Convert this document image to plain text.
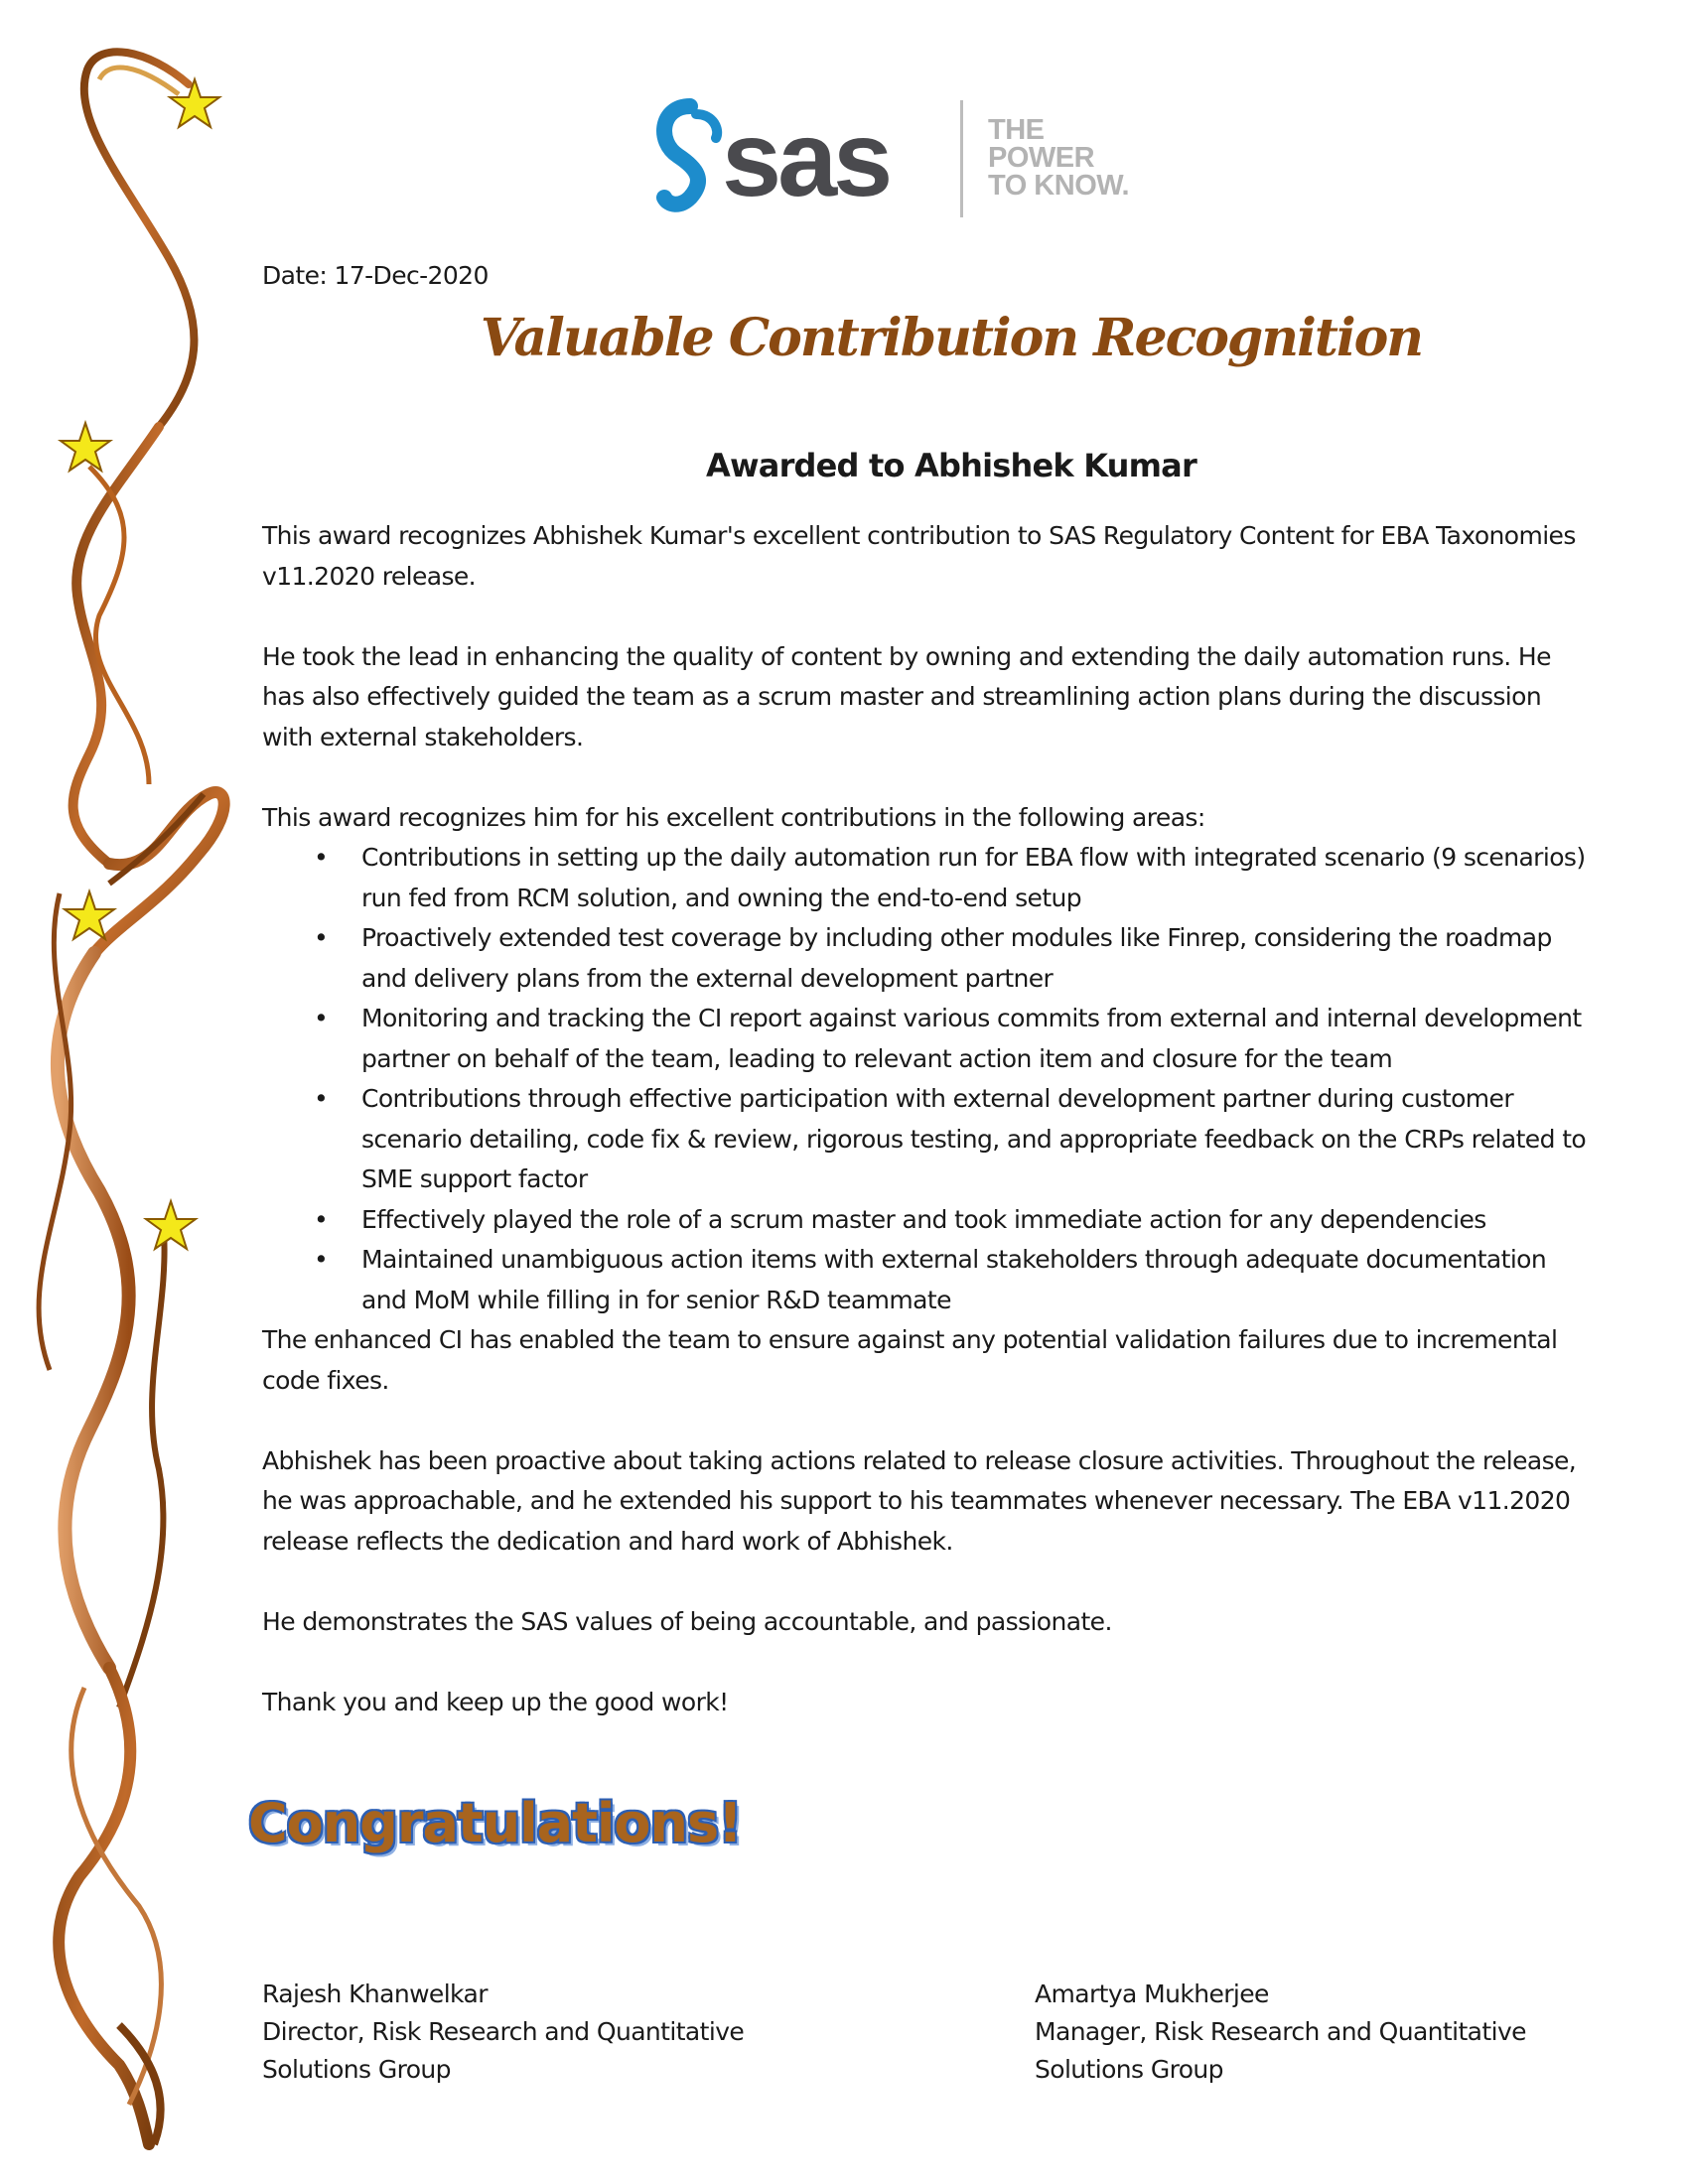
sas	THE
POWER
TO KNOW.
Date: 17-Dec-2020
Valuable Contribution Recognition
Awarded to Abhishek Kumar

This award recognizes Abhishek Kumar's excellent contribution to SAS Regulatory Content for EBA Taxonomies v11.2020 release.

He took the lead in enhancing the quality of content by owning and extending the daily automation runs. He has also effectively guided the team as a scrum master and streamlining action plans during the discussion with external stakeholders.

This award recognizes him for his excellent contributions in the following areas:

• Contributions in setting up the daily automation run for EBA flow with integrated scenario (9 scenarios) run fed from RCM solution, and owning the end-to-end setup
• Proactively extended test coverage by including other modules like Finrep, considering the roadmap and delivery plans from the external development partner
• Monitoring and tracking the CI report against various commits from external and internal development partner on behalf of the team, leading to relevant action item and closure for the team
• Contributions through effective participation with external development partner during customer scenario detailing, code fix & review, rigorous testing, and appropriate feedback on the CRPs related to SME support factor
• Effectively played the role of a scrum master and took immediate action for any dependencies
• Maintained unambiguous action items with external stakeholders through adequate documentation and MoM while filling in for senior R&D teammate

The enhanced CI has enabled the team to ensure against any potential validation failures due to incremental code fixes.

Abhishek has been proactive about taking actions related to release closure activities. Throughout the release, he was approachable, and he extended his support to his teammates whenever necessary. The EBA v11.2020 release reflects the dedication and hard work of Abhishek.

He demonstrates the SAS values of being accountable, and passionate.

Thank you and keep up the good work!

Congratulations!
Rajesh Khanwelkar
Director, Risk Research and Quantitative
Solutions Group
Amartya Mukherjee
Manager, Risk Research and Quantitative
Solutions Group
